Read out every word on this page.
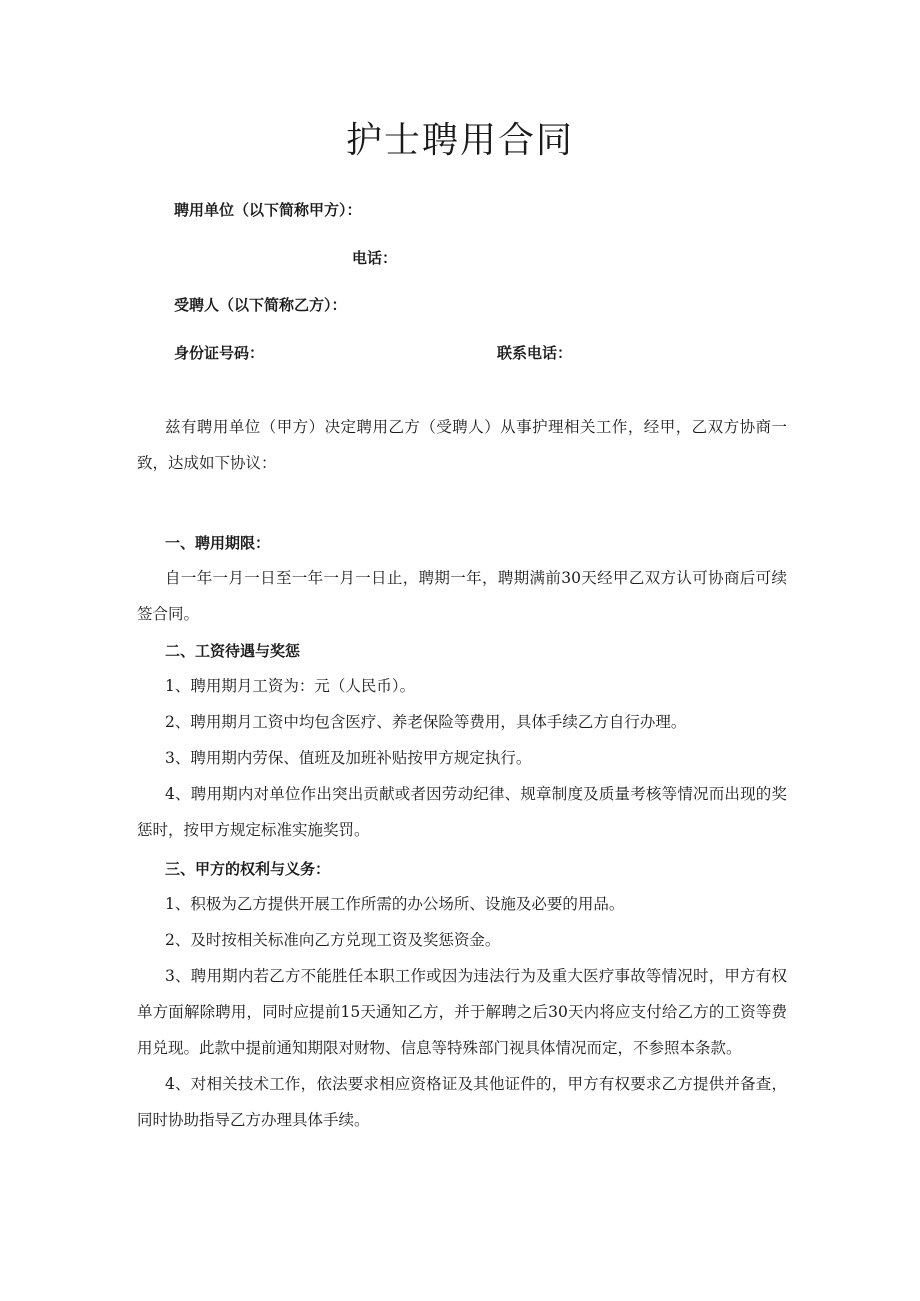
护士聘用合同
聘用单位（以下简称甲方）：
电话：
受聘人（以下简称乙方）：
身份证号码：	联系电话：

兹有聘用单位（甲方）决定聘用乙方（受聘人）从事护理相关工作，经甲，乙双方协商一致，达成如下协议：

一、聘用期限：

自一年一月一日至一年一月一日止，聘期一年，聘期满前30天经甲乙双方认可协商后可续签合同。

二、工资待遇与奖惩

1、聘用期月工资为：元（人民币）。

2、聘用期月工资中均包含医疗、养老保险等费用，具体手续乙方自行办理。

3、聘用期内劳保、值班及加班补贴按甲方规定执行。

4、聘用期内对单位作出突出贡献或者因劳动纪律、规章制度及质量考核等情况而出现的奖惩时，按甲方规定标准实施奖罚。

三、甲方的权利与义务：

1、积极为乙方提供开展工作所需的办公场所、设施及必要的用品。

2、及时按相关标准向乙方兑现工资及奖惩资金。

3、聘用期内若乙方不能胜任本职工作或因为违法行为及重大医疗事故等情况时，甲方有权单方面解除聘用，同时应提前15天通知乙方，并于解聘之后30天内将应支付给乙方的工资等费用兑现。此款中提前通知期限对财物、信息等特殊部门视具体情况而定，不参照本条款。

4、对相关技术工作，依法要求相应资格证及其他证件的，甲方有权要求乙方提供并备查，同时协助指导乙方办理具体手续。
